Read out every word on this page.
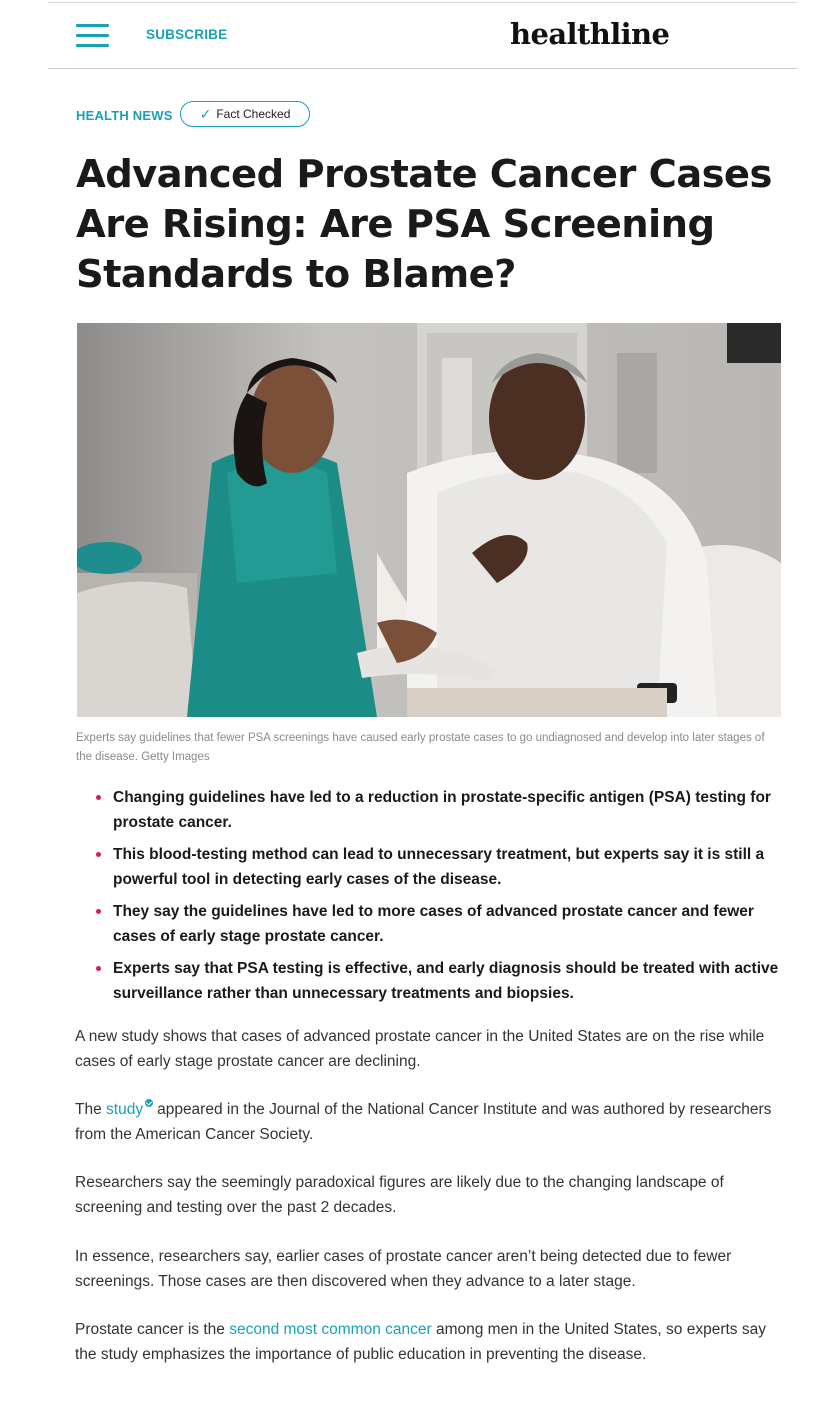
SUBSCRIBE	healthline
HEALTH NEWS ✓ Fact Checked
Advanced Prostate Cancer Cases Are Rising: Are PSA Screening Standards to Blame?

Experts say guidelines that fewer PSA screenings have caused early prostate cases to go undiagnosed and develop into later stages of the disease. Getty Images

Changing guidelines have led to a reduction in prostate-specific antigen (PSA) testing for prostate cancer.
This blood-testing method can lead to unnecessary treatment, but experts say it is still a powerful tool in detecting early cases of the disease.
They say the guidelines have led to more cases of advanced prostate cancer and fewer cases of early stage prostate cancer.
Experts say that PSA testing is effective, and early diagnosis should be treated with active surveillance rather than unnecessary treatments and biopsies.

A new study shows that cases of advanced prostate cancer in the United States are on the rise while cases of early stage prostate cancer are declining.

The study appeared in the Journal of the National Cancer Institute and was authored by researchers from the American Cancer Society.

Researchers say the seemingly paradoxical figures are likely due to the changing landscape of screening and testing over the past 2 decades.

In essence, researchers say, earlier cases of prostate cancer aren’t being detected due to fewer screenings. Those cases are then discovered when they advance to a later stage.

Prostate cancer is the second most common cancer among men in the United States, so experts say the study emphasizes the importance of public education in preventing the disease.
